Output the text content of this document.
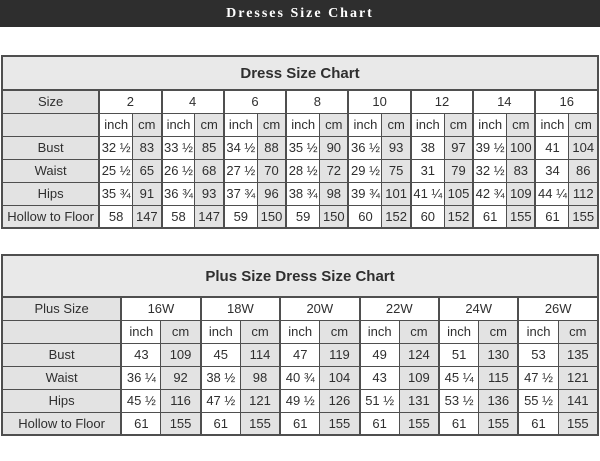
Dresses Size Chart
Dress Size Chart																
Size	2		4		6		8		10		12		14		16	
	inch	cm	inch	cm	inch	cm	inch	cm	inch	cm	inch	cm	inch	cm	inch	cm
Bust	32 ½	83	33 ½	85	34 ½	88	35 ½	90	36 ½	93	38	97	39 ½	100	41	104
Waist	25 ½	65	26 ½	68	27 ½	70	28 ½	72	29 ½	75	31	79	32 ½	83	34	86
Hips	35 ¾	91	36 ¾	93	37 ¾	96	38 ¾	98	39 ¾	101	41 ¼	105	42 ¾	109	44 ¼	112
Hollow to Floor	58	147	58	147	59	150	59	150	60	152	60	152	61	155	61	155
Plus Size Dress Size Chart												
Plus Size	16W		18W		20W		22W		24W		26W	
	inch	cm	inch	cm	inch	cm	inch	cm	inch	cm	inch	cm
Bust	43	109	45	114	47	119	49	124	51	130	53	135
Waist	36 ¼	92	38 ½	98	40 ¾	104	43	109	45 ¼	115	47 ½	121
Hips	45 ½	116	47 ½	121	49 ½	126	51 ½	131	53 ½	136	55 ½	141
Hollow to Floor	61	155	61	155	61	155	61	155	61	155	61	155
